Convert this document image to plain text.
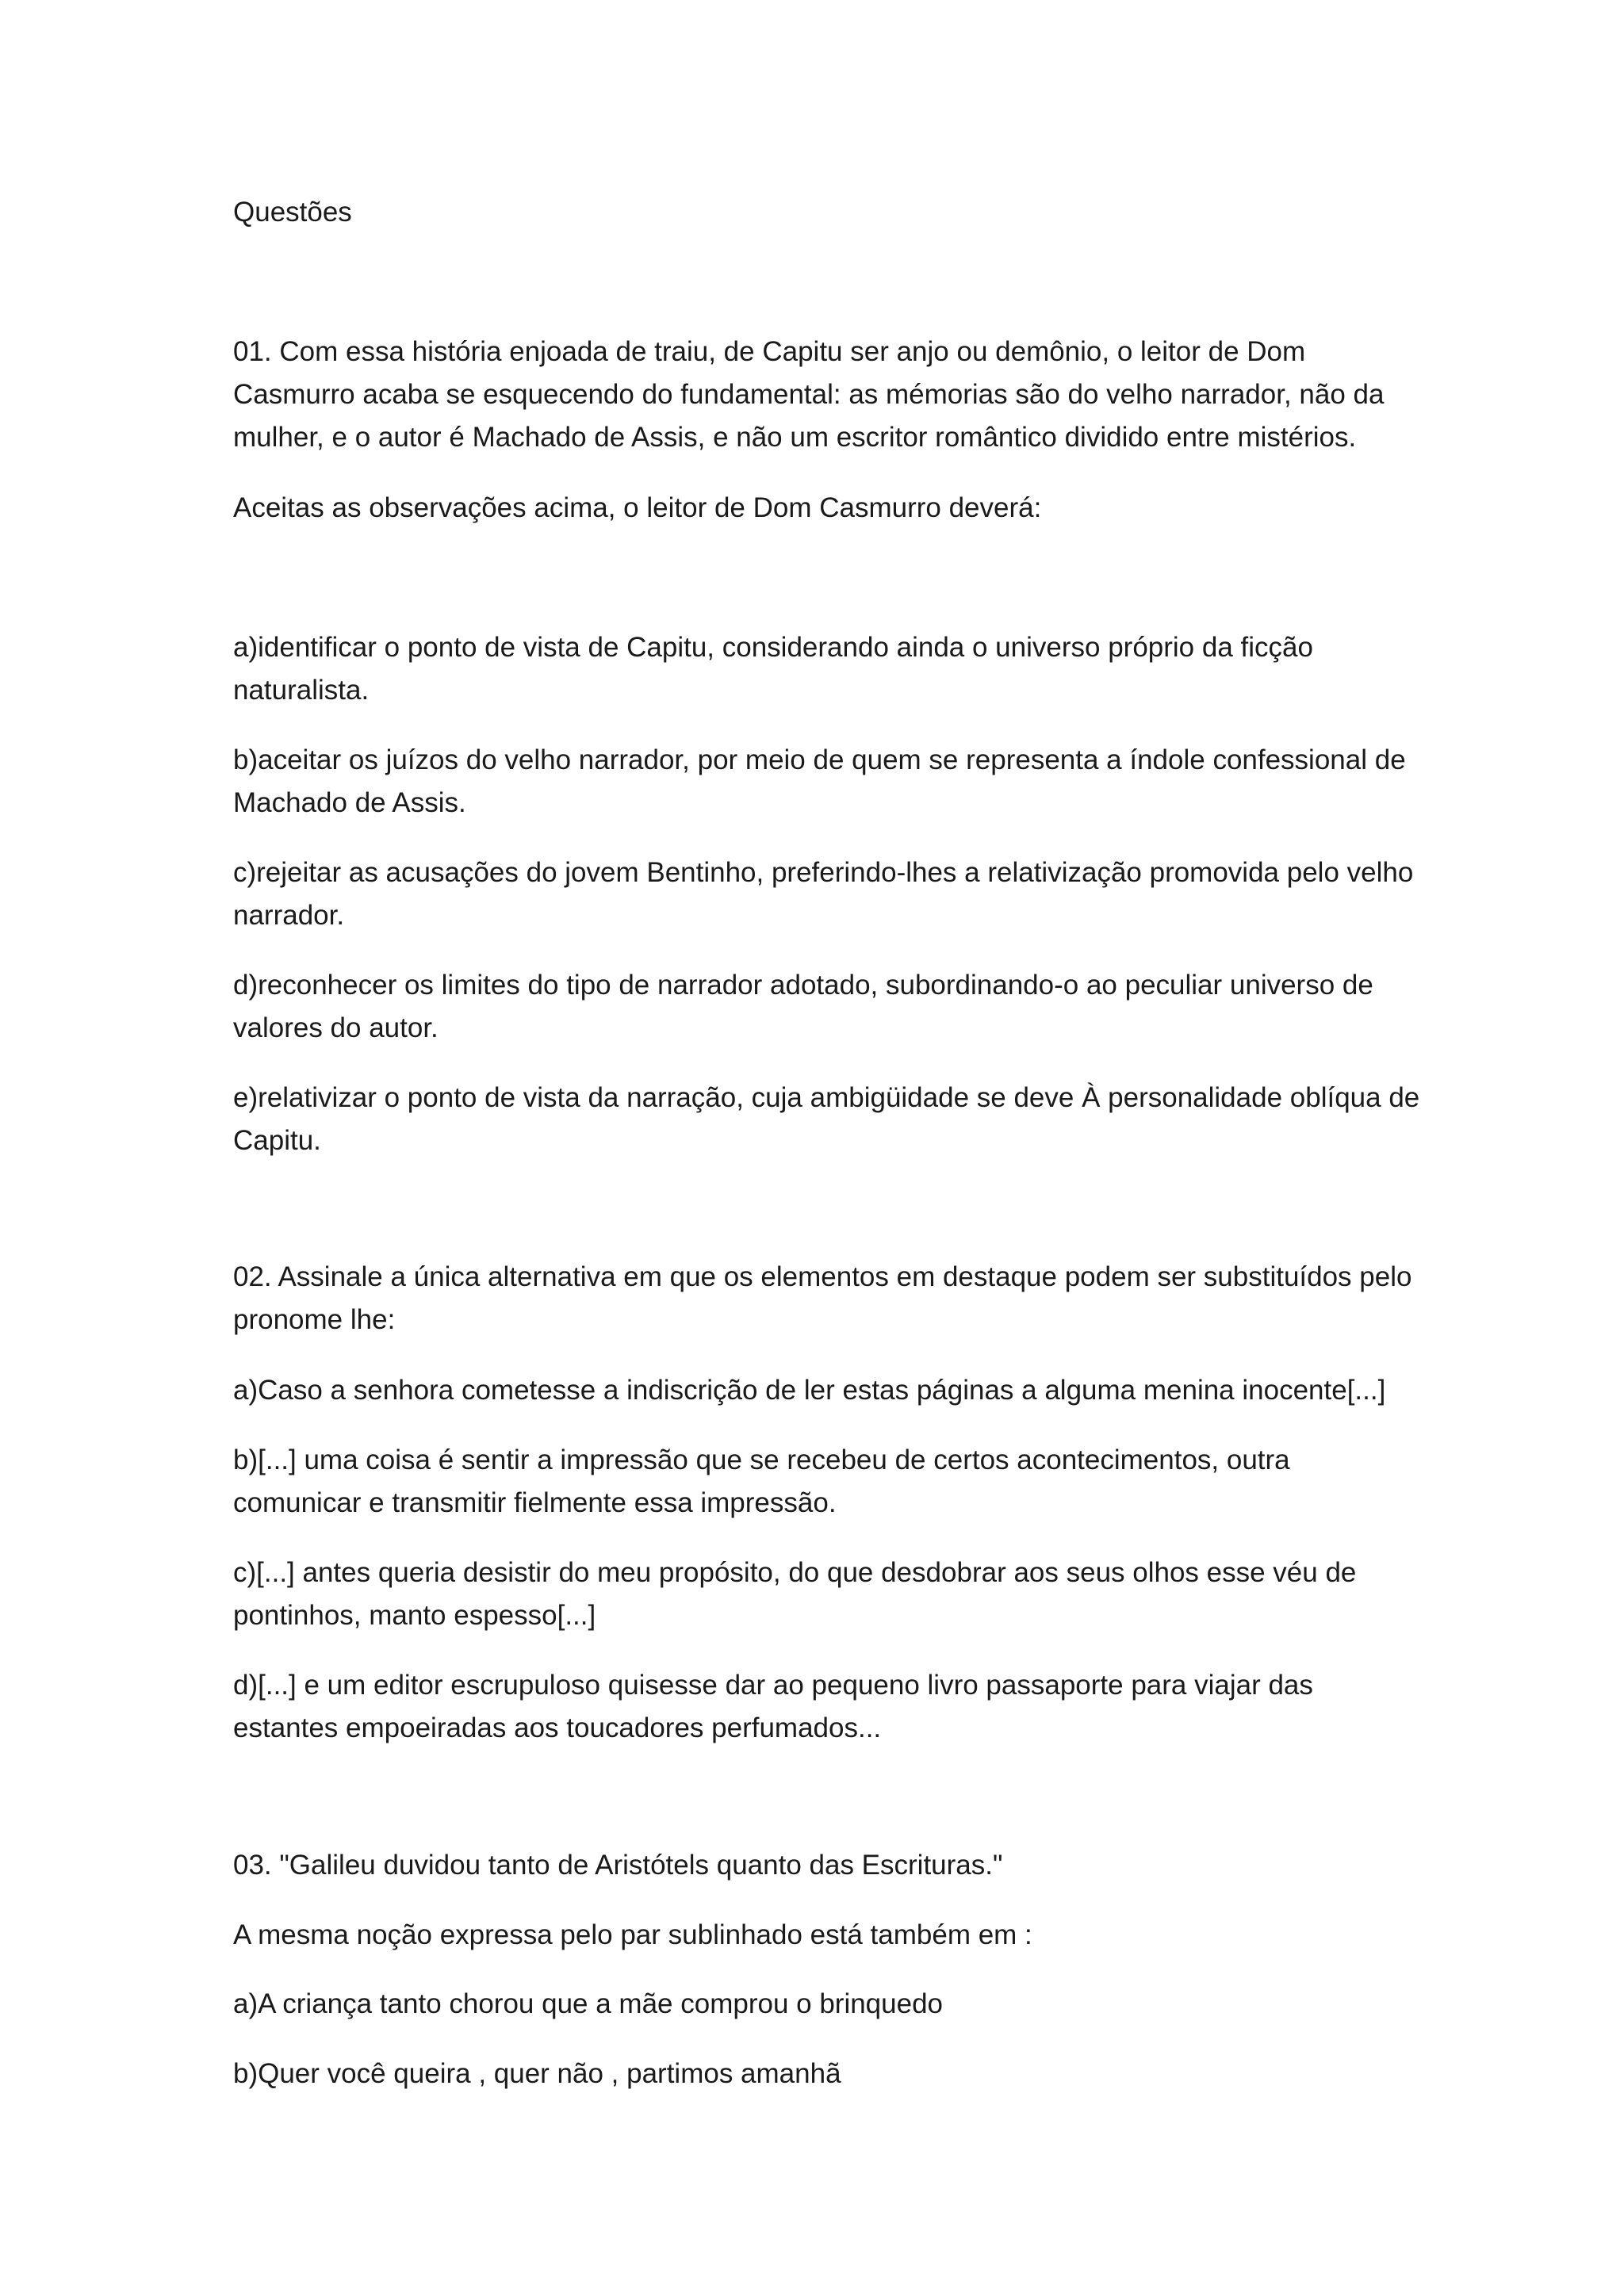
Questões

01. Com essa história enjoada de traiu, de Capitu ser anjo ou demônio, o leitor de Dom Casmurro acaba se esquecendo do fundamental: as mémorias são do velho narrador, não da mulher, e o autor é Machado de Assis, e não um escritor romântico dividido entre mistérios.

Aceitas as observações acima, o leitor de Dom Casmurro deverá:

a)identificar o ponto de vista de Capitu, considerando ainda o universo próprio da ficção naturalista.

b)aceitar os juízos do velho narrador, por meio de quem se representa a índole confessional de Machado de Assis.

c)rejeitar as acusações do jovem Bentinho, preferindo-lhes a relativização promovida pelo velho narrador.

d)reconhecer os limites do tipo de narrador adotado, subordinando-o ao peculiar universo de valores do autor.

e)relativizar o ponto de vista da narração, cuja ambigüidade se deve À personalidade oblíqua de Capitu.

02. Assinale a única alternativa em que os elementos em destaque podem ser substituídos pelo pronome lhe:

a)Caso a senhora cometesse a indiscrição de ler estas páginas a alguma menina inocente[...]

b)[...] uma coisa é sentir a impressão que se recebeu de certos acontecimentos, outra comunicar e transmitir fielmente essa impressão.

c)[...] antes queria desistir do meu propósito, do que desdobrar aos seus olhos esse véu de pontinhos, manto espesso[...]

d)[...] e um editor escrupuloso quisesse dar ao pequeno livro passaporte para viajar das estantes empoeiradas aos toucadores perfumados...

03. "Galileu duvidou tanto de Aristótels quanto das Escrituras."

A mesma noção expressa pelo par sublinhado está também em :

a)A criança tanto chorou que a mãe comprou o brinquedo

b)Quer você queira , quer não , partimos amanhã
